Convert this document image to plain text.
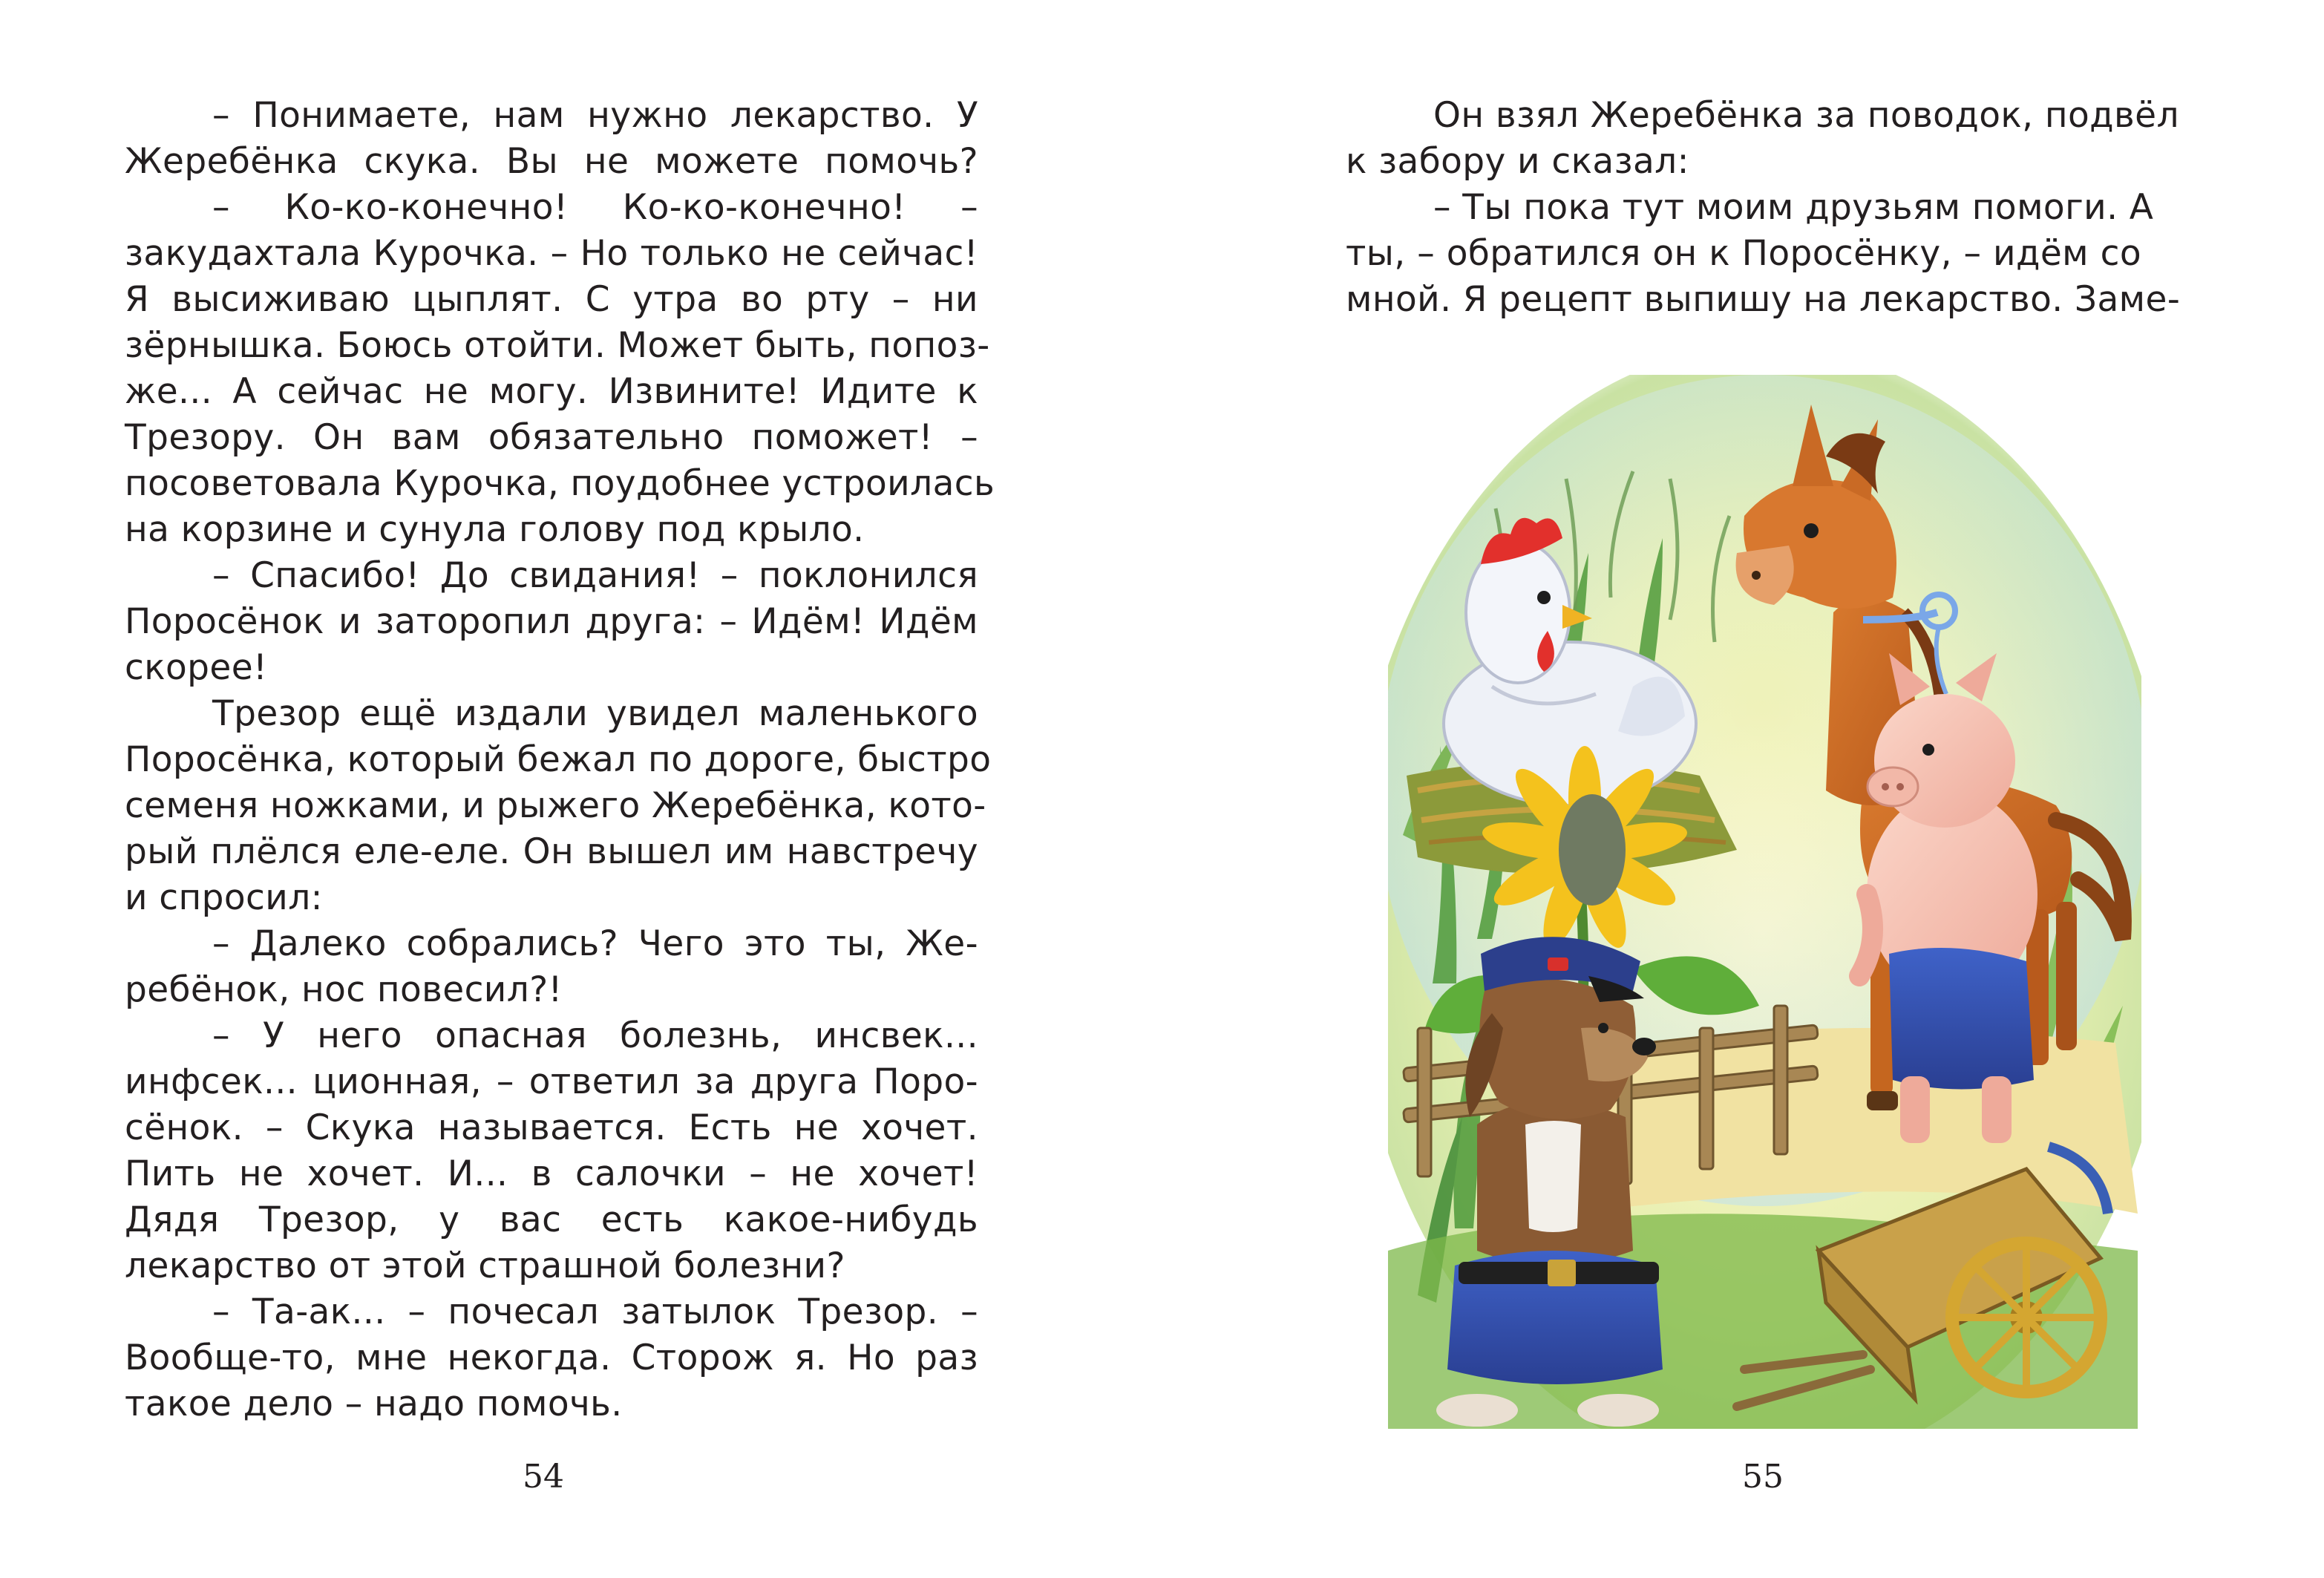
– Понимаете, нам нужно лекарство. У
Жеребёнка скука. Вы не можете помочь?
– Ко-ко-конечно! Ко-ко-конечно! –
закудахтала Курочка. – Но только не сейчас!
Я высиживаю цыплят. С утра во рту – ни
зёрнышка. Боюсь отойти. Может быть, попоз-
же... А сейчас не могу. Извините! Идите к
Трезору. Он вам обязательно поможет! –
посоветовала Курочка, поудобнее устроилась
на корзине и сунула голову под крыло.
– Спасибо! До свидания! – поклонился
Поросёнок и заторопил друга: – Идём! Идём
скорее!
Трезор ещё издали увидел маленького
Поросёнка, который бежал по дороге, быстро
семеня ножками, и рыжего Жеребёнка, кото-
рый плёлся еле-еле. Он вышел им навстречу
и спросил:
– Далеко собрались? Чего это ты, Же-
ребёнок, нос повесил?!
– У него опасная болезнь, инсвек...
инфсек... ционная, – ответил за друга Поро-
сёнок. – Скука называется. Есть не хочет.
Пить не хочет. И... в салочки – не хочет!
Дядя Трезор, у вас есть какое-нибудь
лекарство от этой страшной болезни?
– Та-ак... – почесал затылок Трезор. –
Вообще-то, мне некогда. Сторож я. Но раз
такое дело – надо помочь.
54
Он взял Жеребёнка за поводок, подвёл
к забору и сказал:
– Ты пока тут моим друзьям помоги. А
ты, – обратился он к Поросёнку, – идём со
мной. Я рецепт выпишу на лекарство. Заме-
55
